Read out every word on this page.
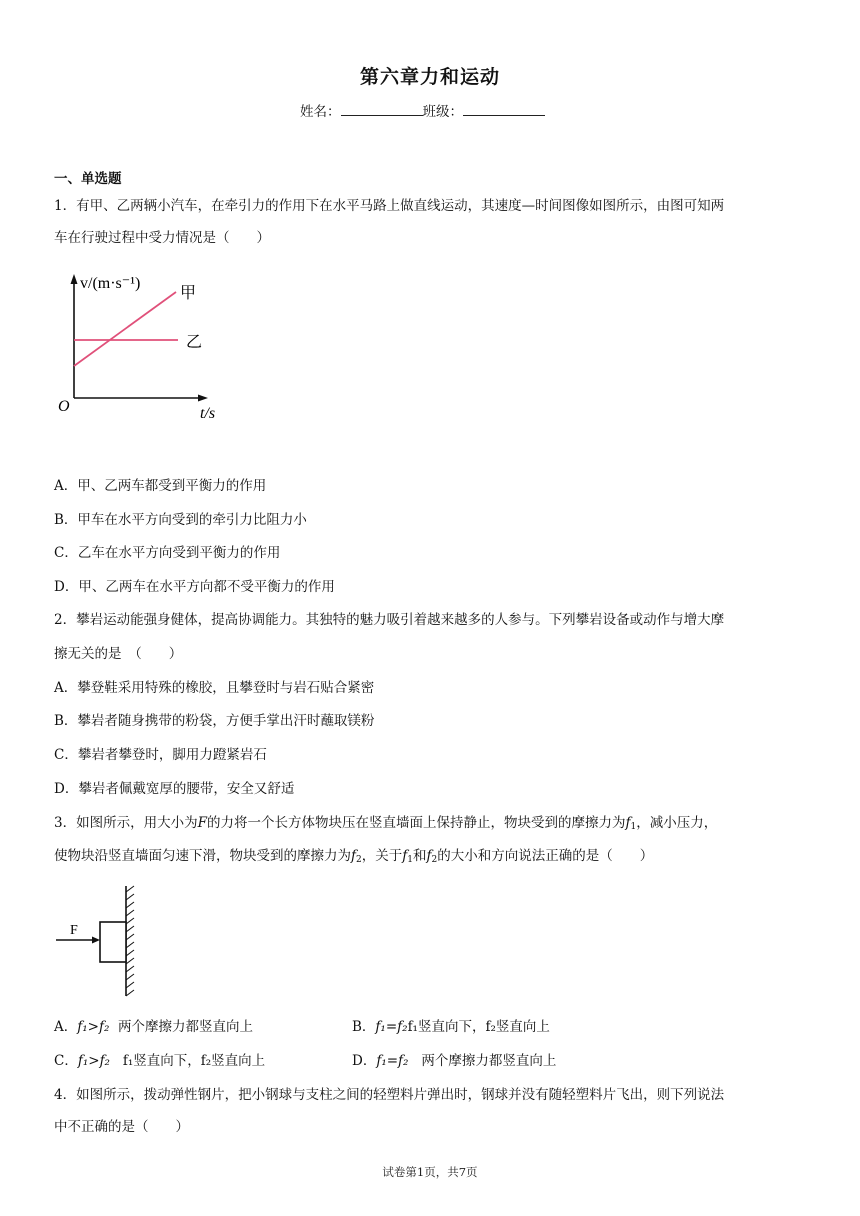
第六章力和运动
姓名：	班级：
一、单选题
1．有甲、乙两辆小汽车，在牵引力的作用下在水平马路上做直线运动，其速度—时间图像如图所示，由图可知两
车在行驶过程中受力情况是（　　）
v/(m·s⁻¹)
O	t/s
甲
乙
A．甲、乙两车都受到平衡力的作用
B．甲车在水平方向受到的牵引力比阻力小
C．乙车在水平方向受到平衡力的作用
D．甲、乙两车在水平方向都不受平衡力的作用
2．攀岩运动能强身健体，提高协调能力。其独特的魅力吸引着越来越多的人参与。下列攀岩设备或动作与增大摩
擦无关的是　（　　）
A．攀登鞋采用特殊的橡胶，且攀登时与岩石贴合紧密
B．攀岩者随身携带的粉袋，方便手掌出汗时蘸取镁粉
C．攀岩者攀登时，脚用力蹬紧岩石
D．攀岩者佩戴宽厚的腰带，安全又舒适
3．如图所示，用大小为F的力将一个长方体物块压在竖直墙面上保持静止，物块受到的摩擦力为$f_1$，减小压力，
使物块沿竖直墙面匀速下滑，物块受到的摩擦力为$f_2$，关于$f_1$和$f_2$的大小和方向说法正确的是（　　）
F
A．f₁>f₂ 两个摩擦力都竖直向上	B．f₁=f₂f₁竖直向下，f₂竖直向上
C．f₁>f₂ f₁竖直向下，f₂竖直向上	D．f₁=f₂ 两个摩擦力都竖直向上
4．如图所示，拨动弹性钢片，把小钢球与支柱之间的轻塑料片弹出时，钢球并没有随轻塑料片飞出，则下列说法
中不正确的是（　　）
试卷第1页，共7页
